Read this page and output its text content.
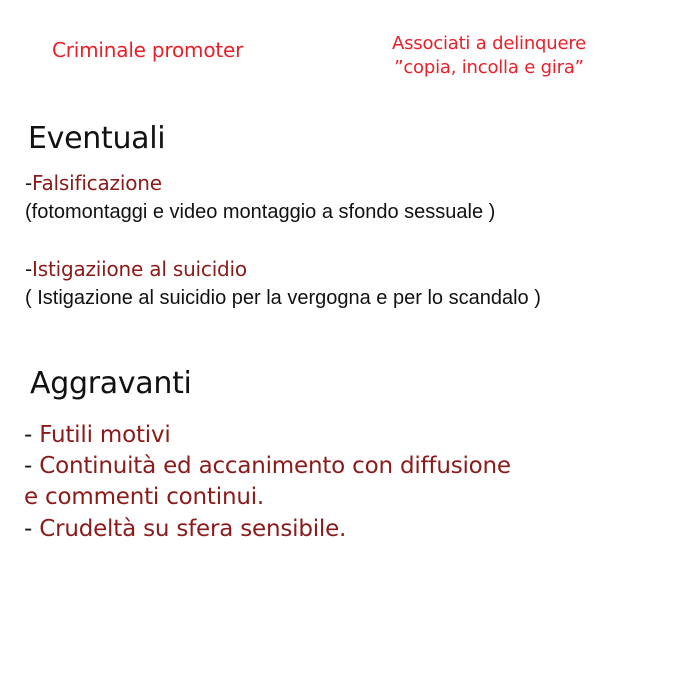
Criminale promoter	Associati a delinquere
”copia, incolla e gira”
Eventuali
-Falsificazione
(fotomontaggi e video montaggio a sfondo sessuale )
-Istigaziione al suicidio
( Istigazione al suicidio per la vergogna e per lo scandalo )
Aggravanti
- Futili motivi
- Continuità ed accanimento con diffusione
e commenti continui.
- Crudeltà su sfera sensibile.
